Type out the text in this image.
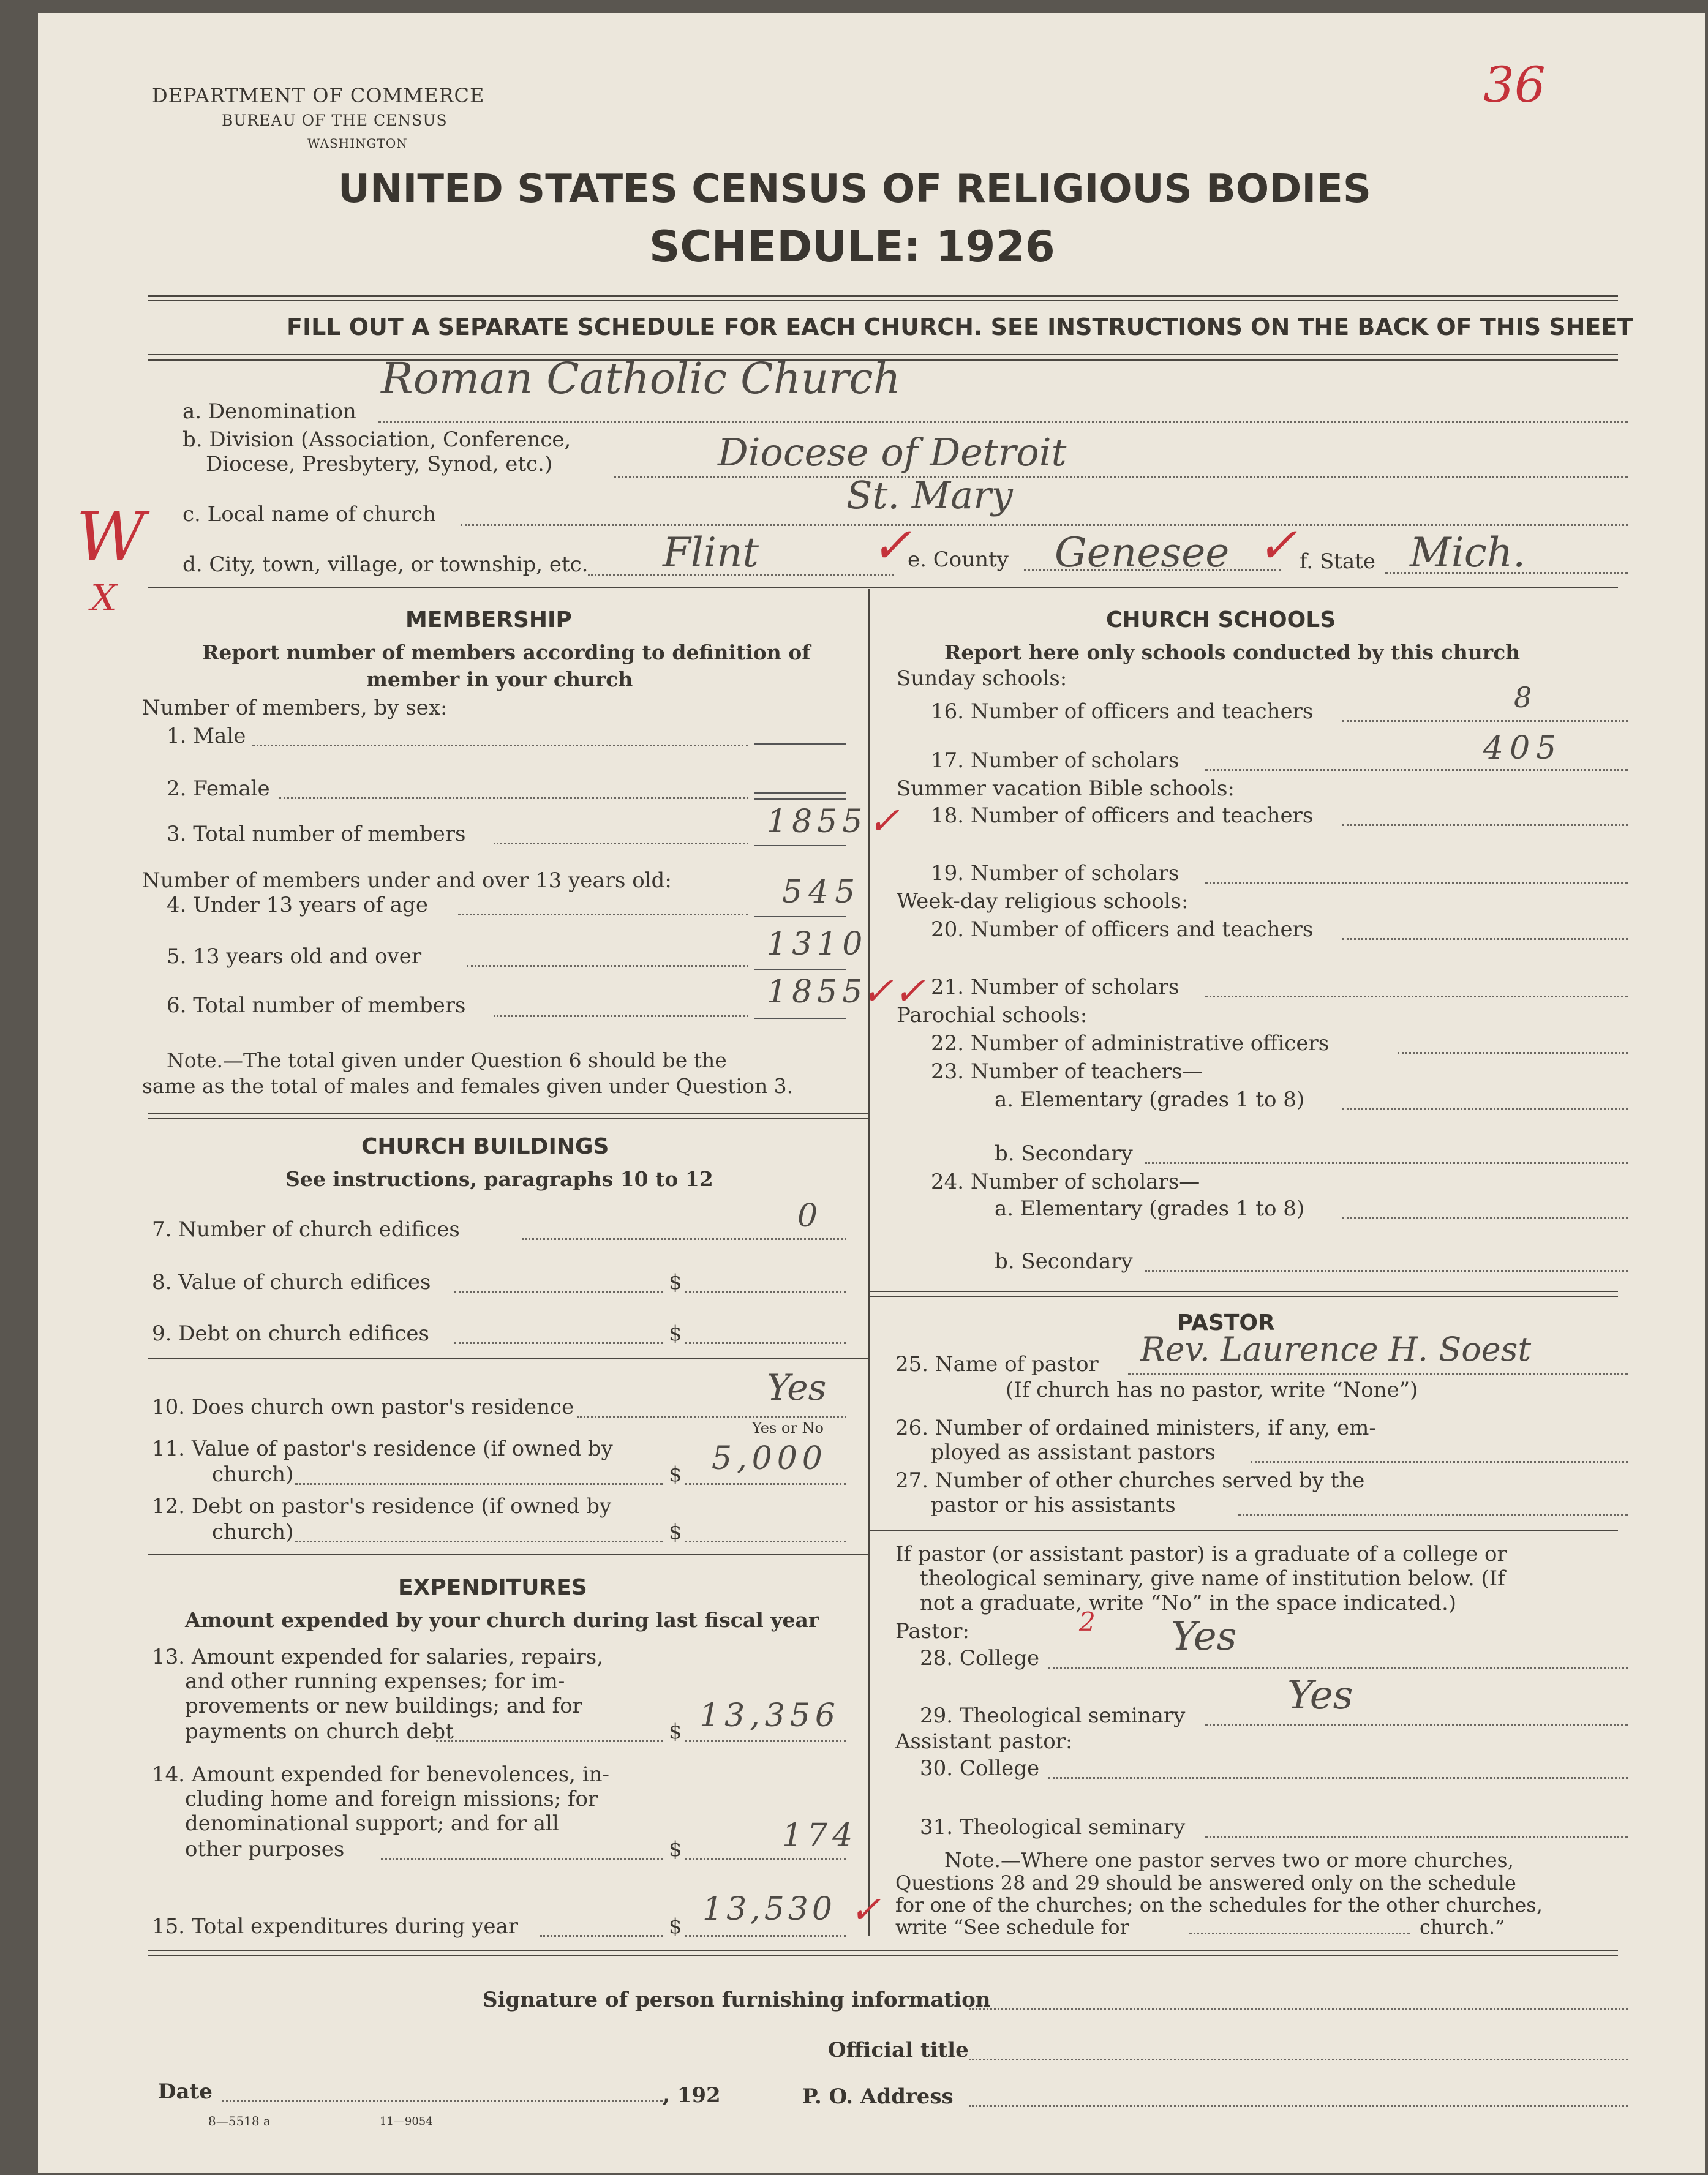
36
DEPARTMENT OF COMMERCE
BUREAU OF THE CENSUS
WASHINGTON
UNITED STATES CENSUS OF RELIGIOUS BODIES
SCHEDULE: 1926
FILL OUT A SEPARATE SCHEDULE FOR EACH CHURCH. SEE INSTRUCTIONS ON THE BACK OF THIS SHEET
W
X
a. Denomination
Roman Catholic Church
b. Division (Association, Conference,
Diocese, Presbytery, Synod, etc.)	Diocese of Detroit
c. Local name of church	St. Mary
d. City, town, village, or township, etc. Flint ✓
e. County Genesee ✓ f. State Mich.
MEMBERSHIP
Report number of members according to definition of
member in your church
Number of members, by sex:
1. Male
2. Female
3. Total number of members	1855 ✓
Number of members under and over 13 years old:
4. Under 13 years of age	545
5. 13 years old and over	1310
6. Total number of members	1855
✓✓
Note.—The total given under Question 6 should be the
same as the total of males and females given under Question 3.
CHURCH BUILDINGS
See instructions, paragraphs 10 to 12
7. Number of church edifices	0
8. Value of church edifices	$
9. Debt on church edifices	$
10. Does church own pastor's residence	Yes
Yes or No
11. Value of pastor's residence (if owned by
church)	$ 5,000
12. Debt on pastor's residence (if owned by
church)	$
EXPENDITURES
Amount expended by your church during last fiscal year
13. Amount expended for salaries, repairs,
and other running expenses; for im-
provements or new buildings; and for
payments on church debt	$ 13,356
14. Amount expended for benevolences, in-
cluding home and foreign missions; for
denominational support; and for all
other purposes	$	174
15. Total expenditures during year	$ 13,530 ✓
CHURCH SCHOOLS
Report here only schools conducted by this church
Sunday schools:
16. Number of officers and teachers	8
17. Number of scholars	405
Summer vacation Bible schools:
18. Number of officers and teachers
19. Number of scholars
Week-day religious schools:
20. Number of officers and teachers
21. Number of scholars
Parochial schools:
22. Number of administrative officers
23. Number of teachers—
a. Elementary (grades 1 to 8)
b. Secondary
24. Number of scholars—
a. Elementary (grades 1 to 8)
b. Secondary
PASTOR
25. Name of pastor Rev. Laurence H. Soest
(If church has no pastor, write “None”)
26. Number of ordained ministers, if any, em-
ployed as assistant pastors
27. Number of other churches served by the
pastor or his assistants
If pastor (or assistant pastor) is a graduate of a college or
theological seminary, give name of institution below. (If
not a graduate, write “No” in the space indicated.)
Pastor:	2
28. College	Yes
29. Theological seminary	Yes
Assistant pastor:
30. College
31. Theological seminary
Note.—Where one pastor serves two or more churches,
Questions 28 and 29 should be answered only on the schedule
for one of the churches; on the schedules for the other churches,
write “See schedule for	church.”
Signature of person furnishing information
Official title
Date	, 192	P. O. Address
8—5518 a	11—9054
